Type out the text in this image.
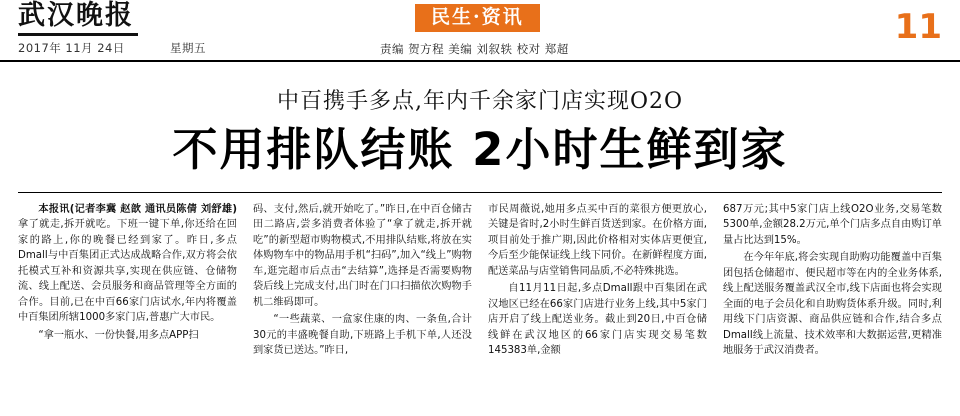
武汉晚报
2017年 11月 24日	星期五
民生·资讯
责编 贺方程 美编 刘叙轶 校对 郑超
11

中百携手多点,年内千余家门店实现O2O

不用排队结账 2小时生鲜到家

本报讯(记者李冀 赵歆 通讯员陈倩 刘舒雄)拿了就走,拆开就吃。下班一键下单,你还给在回家的路上,你的晚餐已经到家了。昨日,多点Dmall与中百集团正式达成战略合作,双方将会依托模式互补和资源共享,实现在供应链、仓储物流、线上配送、会员服务和商品管理等全方面的合作。目前,已在中百66家门店试水,年内将覆盖中百集团所辖1000多家门店,普惠广大市民。

“拿一瓶水、一份快餐,用多点APP扫

码、支付,然后,就开始吃了。”昨日,在中百仓储古田二路店,尝多消费者体验了“拿了就走,拆开就吃”的新型超市购物模式,不用排队结账,将放在实体购物车中的物品用手机“扫码”,加入“线上”购物车,逛完超市后点击“去结算”,选择是否需要购物袋后线上完成支付,出门时在门口扫描依次购物手机二维码即可。

“一些蔬菜、一盒家住康的肉、一条鱼,合计30元的丰盛晚餐自助,下班路上手机下单,人还没到家货已送达。”昨日,

市民周薇说,她用多点买中百的菜很方便更放心,关键是省时,2小时生鲜百货送到家。在价格方面,项目前处于推广期,因此价格相对实体店更便宜,今后至少能保证线上线下同价。在新鲜程度方面,配送菜品与店堂销售同品质,不必特殊挑选。

自11月11日起,多点Dmall跟中百集团在武汉地区已经在66家门店进行业务上线,其中5家门店开启了线上配送业务。截止到20日,中百仓储线鲜在武汉地区的66家门店实现交易笔数145383单,金额

687万元;其中5家门店上线O2O业务,交易笔数5300单,金额28.2万元,单个门店多点自由购订单量占比达到15%。

在今年年底,将会实现自助购功能覆盖中百集团包括仓储超市、便民超市等在内的全业务体系,线上配送服务覆盖武汉全市,线下店面也将会实现全面的电子会员化和自助购货体系升级。同时,利用线下门店资源、商品供应链和合作,结合多点Dmall线上流量、技术效率和大数据运营,更精准地服务于武汉消费者。
